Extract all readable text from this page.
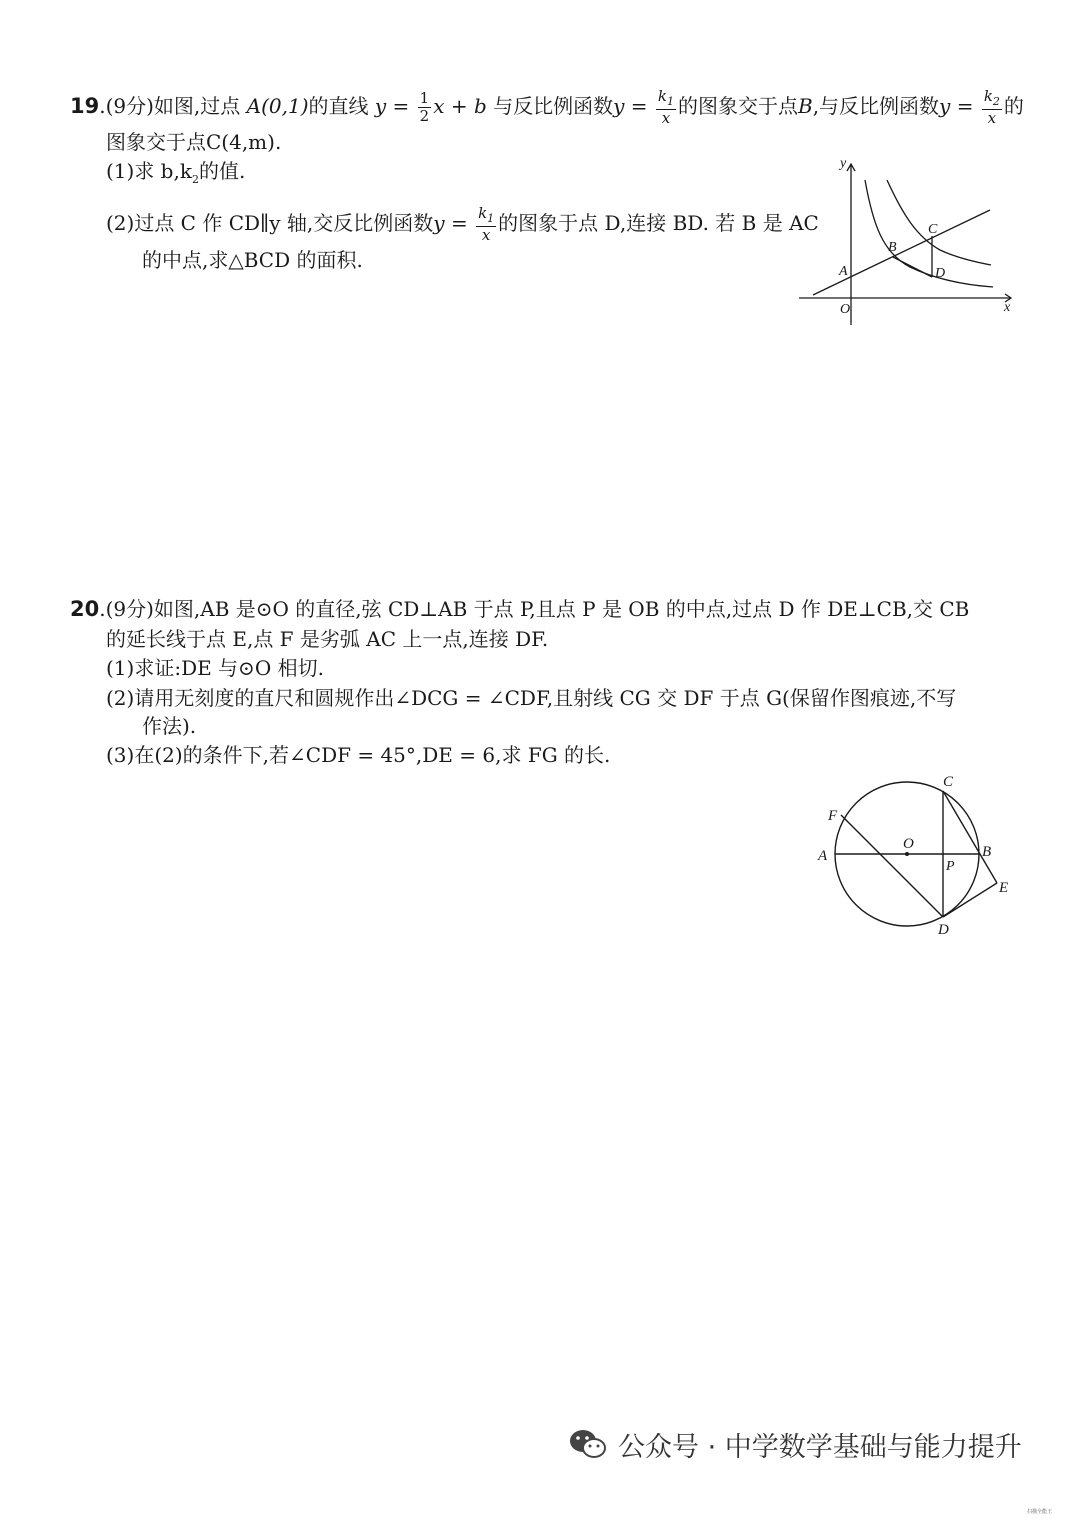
19.(9分)如图,过点 A(0,1)的直线 $y = \frac{1}{2}$ x + b 与反比例函数$y = \frac{k_1}{x}$ 的图象交于点B,与反比例函数$y = \frac{k_2}{x}$ 的
图象交于点C(4,m).
(1)求 $b,k_2$的值.
(2)过点 C 作 CD∥y 轴,交反比例函数$y = \frac{k_1}{x}$ 的图象于点 D,连接 BD. 若 B 是 AC
的中点,求△BCD 的面积.
y
x
O
A
B
C
D
20.(9分)如图,AB 是⊙O 的直径,弦 CD⊥AB 于点 P,且点 P 是 OB 的中点,过点 D 作 DE⊥CB,交 CB
的延长线于点 E,点 F 是劣弧 AC 上一点,连接 DF.
(1)求证:DE 与⊙O 相切.
(2)请用无刻度的直尺和圆规作出∠DCG = ∠CDF,且射线 CG 交 DF 于点 G(保留作图痕迹,不写
作法).
(3)在(2)的条件下,若∠CDF = 45°,DE = 6,求 FG 的长.
A	B
C
D
E
F
O
P
公众号 · 中学数学基础与能力提升
扫描全能王
